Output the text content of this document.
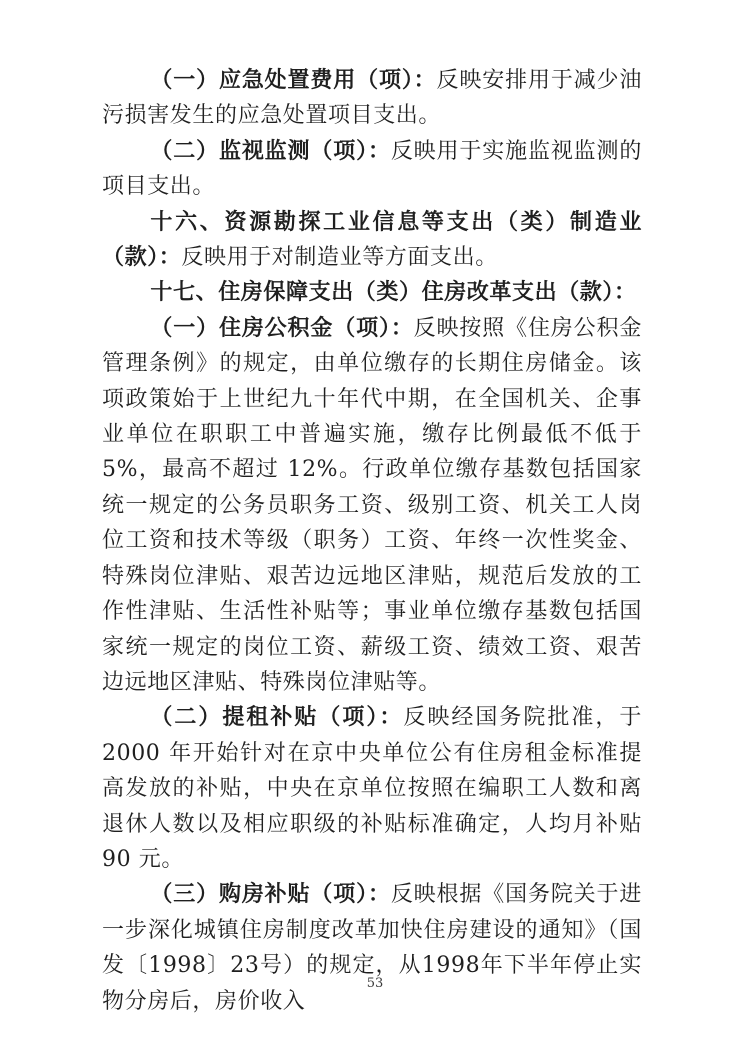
（一）应急处置费用（项）：反映安排用于减少油污损害发生的应急处置项目支出。

（二）监视监测（项）：反映用于实施监视监测的项目支出。

十六、资源勘探工业信息等支出（类）制造业（款）：反映用于对制造业等方面支出。

十七、住房保障支出（类）住房改革支出（款）：

（一）住房公积金（项）：反映按照《住房公积金管理条例》的规定，由单位缴存的长期住房储金。该项政策始于上世纪九十年代中期，在全国机关、企事业单位在职职工中普遍实施，缴存比例最低不低于 5%，最高不超过 12%。行政单位缴存基数包括国家统一规定的公务员职务工资、级别工资、机关工人岗位工资和技术等级（职务）工资、年终一次性奖金、特殊岗位津贴、艰苦边远地区津贴，规范后发放的工作性津贴、生活性补贴等；事业单位缴存基数包括国家统一规定的岗位工资、薪级工资、绩效工资、艰苦边远地区津贴、特殊岗位津贴等。

（二）提租补贴（项）：反映经国务院批准，于 2000 年开始针对在京中央单位公有住房租金标准提高发放的补贴，中央在京单位按照在编职工人数和离退休人数以及相应职级的补贴标准确定，人均月补贴 90 元。

（三）购房补贴（项）：反映根据《国务院关于进一步深化城镇住房制度改革加快住房建设的通知》（国发〔1998〕23号）的规定，从1998年下半年停止实物分房后，房价收入

53
